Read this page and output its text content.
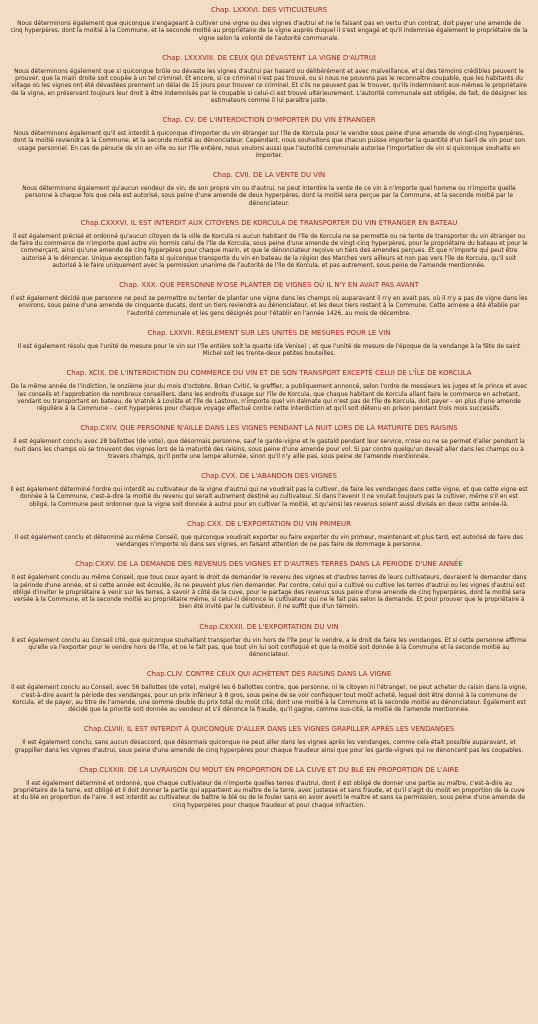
Chap. LXXXVI. DES VITICULTEURS

Nous déterminons également que quiconque s'engageant à cultiver une vigne ou des vignes d'autrui et ne le faisant pas en vertu d'un contrat, doit payer une amende de cinq hyperpères, dont la moitié à la Commune, et la seconde moitié au propriétaire de la vigne auprès duquel il s'est engagé et qu'il indemnise également le propriétaire de la vigne selon la volonté de l'autorité communale.

Chap. LXXXVIII. DE CEUX QUI DÉVASTENT LA VIGNE D'AUTRUI

Nous déterminons également que si quiconque brûle ou dévaste les vignes d'autrui par hasard ou délibérément et avec malveillance, et si des témoins crédibles peuvent le prouver, que la main droite soit coupée à un tel criminel. Et encore, si ce criminel n'est pas trouvé, ou si nous ne pouvons pas le reconnaître coupable, que les habitants du village où les vignes ont été dévastées prennent un délai de 15 jours pour trouver ce criminel. Et s'ils ne peuvent pas le trouver, qu'ils indemnisent eux-mêmes le propriétaire de la vigne, en préservant toujours leur droit à être indemnisés par le coupable si celui-ci est trouvé ultérieurement. L'autorité communale est obligée, de fait, de désigner les estimateurs comme il lui paraîtra juste.

Chap. CV. DE L'INTERDICTION D'IMPORTER DU VIN ÉTRANGER

Nous déterminons également qu'il est interdit à quiconque d'importer du vin étranger sur l'île de Korcula pour le vendre sous peine d'une amende de vingt-cinq hyperpères, dont la moitié reviendra à la Commune, et la seconde moitié au dénonciateur. Cependant, nous souhaitons que chacun puisse importer la quantité d'un baril de vin pour son usage personnel. En cas de pénurie de vin en ville ou sur l'île entière, nous voulons aussi que l'autorité communale autorise l'importation de vin si quiconque souhaite en importer.

Chap. CVII. DE LA VENTE DU VIN

Nous déterminons également qu'aucun vendeur de vin, de son propre vin ou d'autrui, ne peut interdire la vente de ce vin à n'importe quel homme ou n'importe quelle personne à chaque fois que cela est autorisé, sous peine d'une amende de deux hyperpères, dont la moitié sera perçue par la Commune, et la seconde moitié par le dénonciateur.

Chap.CXXXVI. IL EST INTERDIT AUX CITOYENS DE KORCULA DE TRANSPORTER DU VIN ÉTRANGER EN BATEAU

Il est également précisé et ordonné qu'aucun citoyen de la ville de Korcula ni aucun habitant de l'île de Korcula ne se permette ou ne tente de transporter du vin étranger ou de faire du commerce de n'importe quel autre vin hormis celui de l'île de Korcula, sous peine d'une amende de vingt-cinq hyperpères, pour le propriétaire du bateau et pour le commerçant, ainsi qu'une amende de cinq hyperpères pour chaque marin, et que le dénonciateur reçoive un tiers des amendes perçues. Et que n'importe qui peut être autorisé à le dénoncer. Unique exception faite si quiconque transporte du vin en bateau de la région des Marches vers ailleurs et non pas vers l'île de Korcula, qu'il soit autorisé à le faire uniquement avec la permission unanime de l'autorité de l'île de Korcula, et pas autrement, sous peine de l'amende mentionnée.

Chap. XXX. QUE PERSONNE N'OSE PLANTER DE VIGNES OÙ IL N'Y EN AVAIT PAS AVANT

Il est également décidé que personne ne peut se permettre ou tenter de planter une vigne dans les champs où auparavant il n'y en avait pas, où il n'y a pas de vigne dans les environs, sous peine d'une amende de cinquante ducats, dont un tiers reviendra au dénonciateur, et les deux tiers restant à la Commune. Cette annexe a été établie par l'autorité communale et les gens désignés pour l'établir en l'année 1426, au mois de décembre.

Chap. LXXVII. RÈGLEMENT SUR LES UNITÉS DE MESURES POUR LE VIN

Il est également résolu que l'unité de mesure pour le vin sur l'île entière soit la quarte (de Venise) ; et que l'unité de mesure de l'époque de la vendange à la fête de saint Michel soit les trente-deux petites bouteilles.

Chap. XCIX. DE L'INTERDICTION DU COMMERCE DU VIN ET DE SON TRANSPORT EXCEPTÉ CELUI DE L'ÎLE DE KORCULA

De la même année de l'indiction, le onzième jour du mois d'octobre. Brkan Cvitić, le greffier, a publiquement annoncé, selon l'ordre de messieurs les juges et le prince et avec les conseils et l'approbation de nombreux conseillers, dans les endroits d'usage sur l'île de Korcula, que chaque habitant de Korcula allant faire le commerce en achetant, vendant ou transportant en bateau, de Vratnik à Lovište et l'île de Lastovo, n'importe quel vin dalmate qui n'est pas de l'île de Korcula, doit payer – en plus d'une amende régulière à la Commune – cent hyperpères pour chaque voyage effectué contre cette interdiction et qu'il soit détenu en prison pendant trois mois successifs.

Chap.CXIV. QUE PERSONNE N'AILLE DANS LES VIGNES PENDANT LA NUIT LORS DE LA MATURITÉ DES RAISINS

Il est également conclu avec 28 ballottes (de vote), que désormais personne, sauf le garde-vigne et le gastald pendant leur service, n'ose ou ne se permet d'aller pendant la nuit dans les champs où se trouvent des vignes lors de la maturité des raisins, sous peine d'une amende pour vol. Si par contre quelqu'un devait aller dans les champs ou à travers champs, qu'il porte une lampe allumée, sinon qu'il n'y aille pas, sous peine de l'amende mentionnée.

Chap.CVX. DE L'ABANDON DES VIGNES

Il est également déterminé l'ordre qui interdit au cultivateur de la vigne d'autrui qui ne voudrait pas la cultiver, de faire les vendanges dans cette vigne, et que cette vigne est donnée à la Commune, c'est-à-dire la moitié du revenu qui serait autrement destiné au cultivateur. Si dans l'avenir il ne voulait toujours pas la cultiver, même s'il en est obligé, la Commune peut ordonner que la vigne soit donnée à autrui pour en cultiver la moitié, et qu'ainsi les revenus soient aussi divisés en deux cette année-là.

Chap.CXX. DE L'EXPORTATION DU VIN PRIMEUR

Il est également conclu et déterminé au même Conseil, que quiconque voudrait exporter ou faire exporter du vin primeur, maintenant et plus tard, est autorisé de faire des vendanges n'importe où dans ses vignes, en faisant attention de ne pas faire de dommage à personne.

Chap.CXXV. DE LA DEMANDE DES REVENUS DES VIGNES ET D'AUTRES TERRES DANS LA PÉRIODE D'UNE ANNÉE

Il est également conclu au même Conseil, que tous ceux ayant le droit de demander le revenu des vignes et d'autres terres de leurs cultivateurs, devraient le demander dans la période d'une année, et si cette année est écoulée, ils ne peuvent plus rien demander. Par contre, celui qui a cultivé ou cultive les terres d'autrui ou les vignes d'autrui est obligé d'inviter le propriétaire à venir sur les terres, à savoir à côté de la cuve, pour le partage des revenus sous peine d'une amende de cinq hyperpères, dont la moitié sera versée à la Commune, et la seconde moitié au propriétaire même, si celui-ci dénonce le cultivateur qui ne le fait pas selon la demande. Et pour prouver que le propriétaire à bien été invité par le cultivateur, il ne suffit que d'un témoin.

Chap.CXXXII. DE L'EXPORTATION DU VIN

Il est également conclu au Conseil cité, que quiconque souhaitant transporter du vin hors de l'île pour le vendre, a le droit de faire les vendanges. Et si cette personne affirme qu'elle va l'exporter pour le vendre hors de l'île, et ne le fait pas, que tout vin lui soit confisqué et que la moitié soit donnée à la Commune et la seconde moitié au dénonciateur.

Chap.CLIV. CONTRE CEUX QUI ACHÈTENT DES RAISINS DANS LA VIGNE

Il est également conclu au Conseil, avec 56 ballottes (de vote), malgré les 6 ballottes contre, que personne, ni le citoyen ni l'étranger, ne peut acheter du raisin dans la vigne, c'est-à-dire avant la période des vendanges, pour un prix inférieur à 8 gros, sous peine de se voir confisquer tout moût acheté, lequel doit être donné à la commune de Korcula, et de payer, au titre de l'amende, une somme double du prix total du moût cité, dont une moitié à la Commune et la seconde moitié au dénonciateur. Également est décidé que la priorité soit donnée au vendeur et s'il dénonce la fraude, qu'il gagne, comme sus-cité, la moitié de l'amende mentionnée.

Chap.CLVIII. IL EST INTERDIT À QUICONQUE D'ALLER DANS LES VIGNES GRAPILLER APRÈS LES VENDANGES

Il est également conclu, sans aucun désaccord, que désormais quiconque ne peut aller dans les vignes après les vendanges, comme cela était possible auparavant, et grappiller dans les vignes d'autrui, sous peine d'une amende de cinq hyperpères pour chaque fraudeur ainsi que pour les garde-vignes qui ne dénoncent pas les coupables.

Chap.CLXXIII. DE LA LIVRAISON DU MOUT EN PROPORTION DE LA CUVE ET DU BLÉ EN PROPORTION DE L'AIRE

Il est également déterminé et ordonné, que chaque cultivateur de n'importe quelles terres d'autrui, dont il est obligé de donner une partie au maître, c'est-à-dire au propriétaire de la terre, est obligé et il doit donner la partie qui appartient au maître de la terre, avec justesse et sans fraude, et qu'il s'agit du moût en proportion de la cuve et du blé en proportion de l'aire. Il est interdit au cultivateur de battre le blé ou de le fouler sans en avoir averti le maître et sans sa permission, sous peine d'une amende de cinq hyperpères pour chaque fraudeur et pour chaque infraction.
